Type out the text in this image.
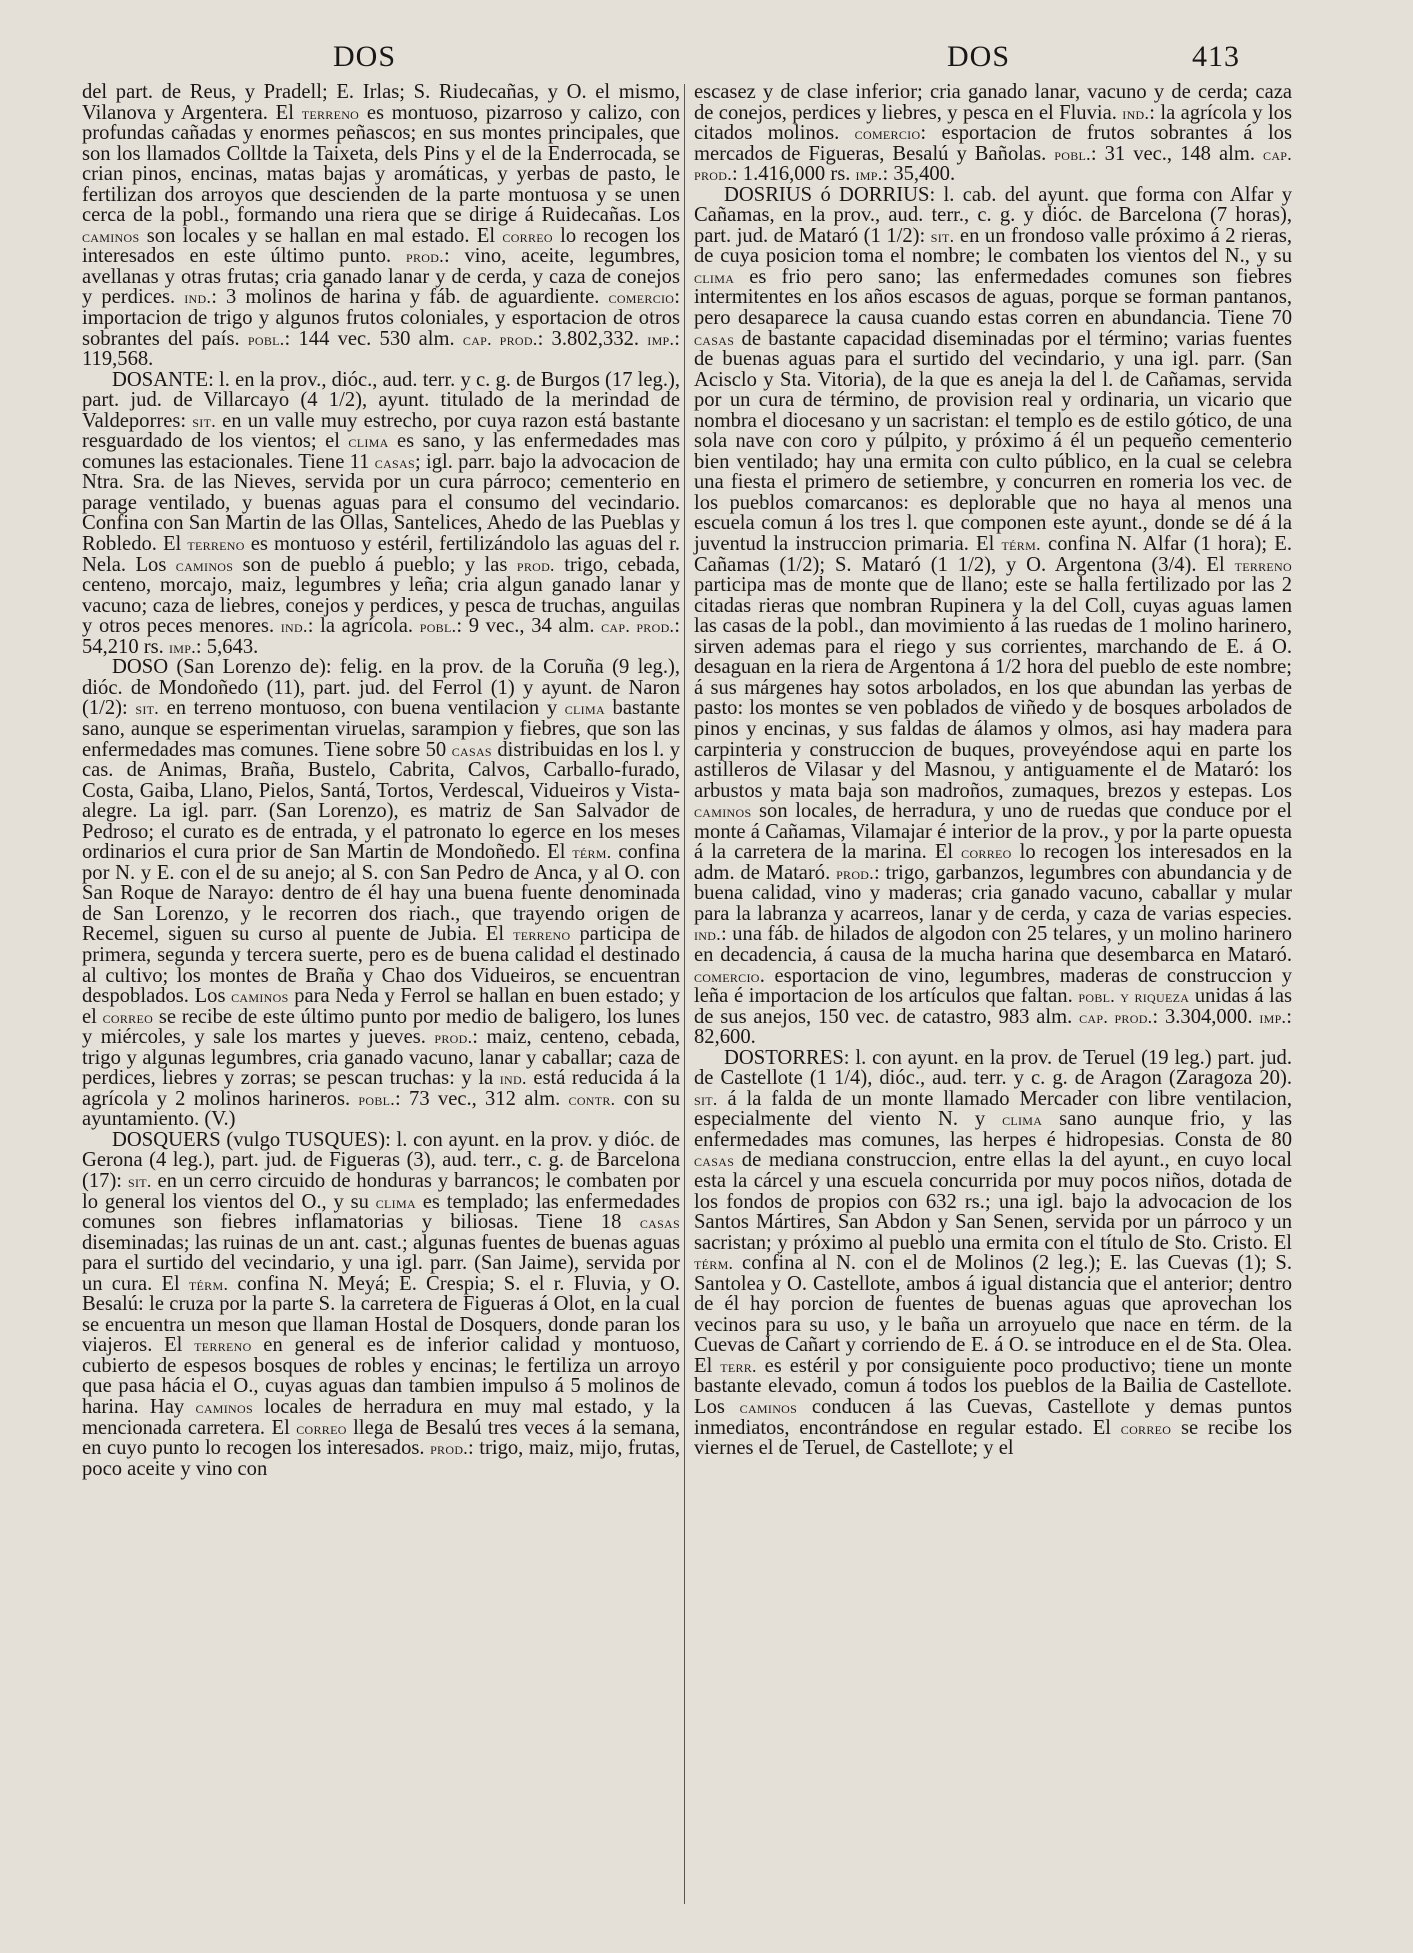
DOS	DOS	413

del part. de Reus, y Pradell; E. Irlas; S. Riudecañas, y O. el mismo, Vilanova y Argentera. El terreno es montuoso, pizarroso y calizo, con profundas cañadas y enormes peñascos; en sus montes principales, que son los llamados Colltde la Taixeta, dels Pins y el de la Enderrocada, se crian pinos, encinas, matas bajas y aromáticas, y yerbas de pasto, le fertilizan dos arroyos que descienden de la parte montuosa y se unen cerca de la pobl., formando una riera que se dirige á Ruidecañas. Los caminos son locales y se hallan en mal estado. El correo lo recogen los interesados en este último punto. prod.: vino, aceite, legumbres, avellanas y otras frutas; cria ganado lanar y de cerda, y caza de conejos y perdices. ind.: 3 molinos de harina y fáb. de aguardiente. comercio: importacion de trigo y algunos frutos coloniales, y esportacion de otros sobrantes del país. pobl.: 144 vec. 530 alm. cap. prod.: 3.802,332. imp.: 119,568.

DOSANTE: l. en la prov., dióc., aud. terr. y c. g. de Burgos (17 leg.), part. jud. de Villarcayo (4 1/2), ayunt. titulado de la merindad de Valdeporres: sit. en un valle muy estrecho, por cuya razon está bastante resguardado de los vientos; el clima es sano, y las enfermedades mas comunes las estacionales. Tiene 11 casas; igl. parr. bajo la advocacion de Ntra. Sra. de las Nieves, servida por un cura párroco; cementerio en parage ventilado, y buenas aguas para el consumo del vecindario. Confina con San Martin de las Ollas, Santelices, Ahedo de las Pueblas y Robledo. El terreno es montuoso y estéril, fertilizándolo las aguas del r. Nela. Los caminos son de pueblo á pueblo; y las prod. trigo, cebada, centeno, morcajo, maiz, legumbres y leña; cria algun ganado lanar y vacuno; caza de liebres, conejos y perdices, y pesca de truchas, anguilas y otros peces menores. ind.: la agrícola. pobl.: 9 vec., 34 alm. cap. prod.: 54,210 rs. imp.: 5,643.

DOSO (San Lorenzo de): felig. en la prov. de la Coruña (9 leg.), dióc. de Mondoñedo (11), part. jud. del Ferrol (1) y ayunt. de Naron (1/2): sit. en terreno montuoso, con buena ventilacion y clima bastante sano, aunque se esperimentan viruelas, sarampion y fiebres, que son las enfermedades mas comunes. Tiene sobre 50 casas distribuidas en los l. y cas. de Animas, Braña, Bustelo, Cabrita, Calvos, Carballo-furado, Costa, Gaiba, Llano, Pielos, Santá, Tortos, Verdescal, Vidueiros y Vista-alegre. La igl. parr. (San Lorenzo), es matriz de San Salvador de Pedroso; el curato es de entrada, y el patronato lo egerce en los meses ordinarios el cura prior de San Martin de Mondoñedo. El térm. confina por N. y E. con el de su anejo; al S. con San Pedro de Anca, y al O. con San Roque de Narayo: dentro de él hay una buena fuente denominada de San Lorenzo, y le recorren dos riach., que trayendo origen de Recemel, siguen su curso al puente de Jubia. El terreno participa de primera, segunda y tercera suerte, pero es de buena calidad el destinado al cultivo; los montes de Braña y Chao dos Vidueiros, se encuentran despoblados. Los caminos para Neda y Ferrol se hallan en buen estado; y el correo se recibe de este último punto por medio de baligero, los lunes y miércoles, y sale los martes y jueves. prod.: maiz, centeno, cebada, trigo y algunas legumbres, cria ganado vacuno, lanar y caballar; caza de perdices, liebres y zorras; se pescan truchas: y la ind. está reducida á la agrícola y 2 molinos harineros. pobl.: 73 vec., 312 alm. contr. con su ayuntamiento. (V.)

DOSQUERS (vulgo TUSQUES): l. con ayunt. en la prov. y dióc. de Gerona (4 leg.), part. jud. de Figueras (3), aud. terr., c. g. de Barcelona (17): sit. en un cerro circuido de honduras y barrancos; le combaten por lo general los vientos del O., y su clima es templado; las enfermedades comunes son fiebres inflamatorias y biliosas. Tiene 18 casas diseminadas; las ruinas de un ant. cast.; algunas fuentes de buenas aguas para el surtido del vecindario, y una igl. parr. (San Jaime), servida por un cura. El térm. confina N. Meyá; E. Crespia; S. el r. Fluvia, y O. Besalú: le cruza por la parte S. la carretera de Figueras á Olot, en la cual se encuentra un meson que llaman Hostal de Dosquers, donde paran los viajeros. El terreno en general es de inferior calidad y montuoso, cubierto de espesos bosques de robles y encinas; le fertiliza un arroyo que pasa hácia el O., cuyas aguas dan tambien impulso á 5 molinos de harina. Hay caminos locales de herradura en muy mal estado, y la mencionada carretera. El correo llega de Besalú tres veces á la semana, en cuyo punto lo recogen los interesados. prod.: trigo, maiz, mijo, frutas, poco aceite y vino con

escasez y de clase inferior; cria ganado lanar, vacuno y de cerda; caza de conejos, perdices y liebres, y pesca en el Fluvia. ind.: la agrícola y los citados molinos. comercio: esportacion de frutos sobrantes á los mercados de Figueras, Besalú y Bañolas. pobl.: 31 vec., 148 alm. cap. prod.: 1.416,000 rs. imp.: 35,400.

DOSRIUS ó DORRIUS: l. cab. del ayunt. que forma con Alfar y Cañamas, en la prov., aud. terr., c. g. y dióc. de Barcelona (7 horas), part. jud. de Mataró (1 1/2): sit. en un frondoso valle próximo á 2 rieras, de cuya posicion toma el nombre; le combaten los vientos del N., y su clima es frio pero sano; las enfermedades comunes son fiebres intermitentes en los años escasos de aguas, porque se forman pantanos, pero desaparece la causa cuando estas corren en abundancia. Tiene 70 casas de bastante capacidad diseminadas por el término; varias fuentes de buenas aguas para el surtido del vecindario, y una igl. parr. (San Acisclo y Sta. Vitoria), de la que es aneja la del l. de Cañamas, servida por un cura de término, de provision real y ordinaria, un vicario que nombra el diocesano y un sacristan: el templo es de estilo gótico, de una sola nave con coro y púlpito, y próximo á él un pequeño cementerio bien ventilado; hay una ermita con culto público, en la cual se celebra una fiesta el primero de setiembre, y concurren en romeria los vec. de los pueblos comarcanos: es deplorable que no haya al menos una escuela comun á los tres l. que componen este ayunt., donde se dé á la juventud la instruccion primaria. El térm. confina N. Alfar (1 hora); E. Cañamas (1/2); S. Mataró (1 1/2), y O. Argentona (3/4). El terreno participa mas de monte que de llano; este se halla fertilizado por las 2 citadas rieras que nombran Rupinera y la del Coll, cuyas aguas lamen las casas de la pobl., dan movimiento á las ruedas de 1 molino harinero, sirven ademas para el riego y sus corrientes, marchando de E. á O. desaguan en la riera de Argentona á 1/2 hora del pueblo de este nombre; á sus márgenes hay sotos arbolados, en los que abundan las yerbas de pasto: los montes se ven poblados de viñedo y de bosques arbolados de pinos y encinas, y sus faldas de álamos y olmos, asi hay madera para carpinteria y construccion de buques, proveyéndose aqui en parte los astilleros de Vilasar y del Masnou, y antiguamente el de Mataró: los arbustos y mata baja son madroños, zumaques, brezos y estepas. Los caminos son locales, de herradura, y uno de ruedas que conduce por el monte á Cañamas, Vilamajar é interior de la prov., y por la parte opuesta á la carretera de la marina. El correo lo recogen los interesados en la adm. de Mataró. prod.: trigo, garbanzos, legumbres con abundancia y de buena calidad, vino y maderas; cria ganado vacuno, caballar y mular para la labranza y acarreos, lanar y de cerda, y caza de varias especies. ind.: una fáb. de hilados de algodon con 25 telares, y un molino harinero en decadencia, á causa de la mucha harina que desembarca en Mataró. comercio. esportacion de vino, legumbres, maderas de construccion y leña é importacion de los artículos que faltan. pobl. y riqueza unidas á las de sus anejos, 150 vec. de catastro, 983 alm. cap. prod.: 3.304,000. imp.: 82,600.

DOSTORRES: l. con ayunt. en la prov. de Teruel (19 leg.) part. jud. de Castellote (1 1/4), dióc., aud. terr. y c. g. de Aragon (Zaragoza 20). sit. á la falda de un monte llamado Mercader con libre ventilacion, especialmente del viento N. y clima sano aunque frio, y las enfermedades mas comunes, las herpes é hidropesias. Consta de 80 casas de mediana construccion, entre ellas la del ayunt., en cuyo local esta la cárcel y una escuela concurrida por muy pocos niños, dotada de los fondos de propios con 632 rs.; una igl. bajo la advocacion de los Santos Mártires, San Abdon y San Senen, servida por un párroco y un sacristan; y próximo al pueblo una ermita con el título de Sto. Cristo. El térm. confina al N. con el de Molinos (2 leg.); E. las Cuevas (1); S. Santolea y O. Castellote, ambos á igual distancia que el anterior; dentro de él hay porcion de fuentes de buenas aguas que aprovechan los vecinos para su uso, y le baña un arroyuelo que nace en térm. de la Cuevas de Cañart y corriendo de E. á O. se introduce en el de Sta. Olea. El terr. es estéril y por consiguiente poco productivo; tiene un monte bastante elevado, comun á todos los pueblos de la Bailia de Castellote. Los caminos conducen á las Cuevas, Castellote y demas puntos inmediatos, encontrándose en regular estado. El correo se recibe los viernes el de Teruel, de Castellote; y el
